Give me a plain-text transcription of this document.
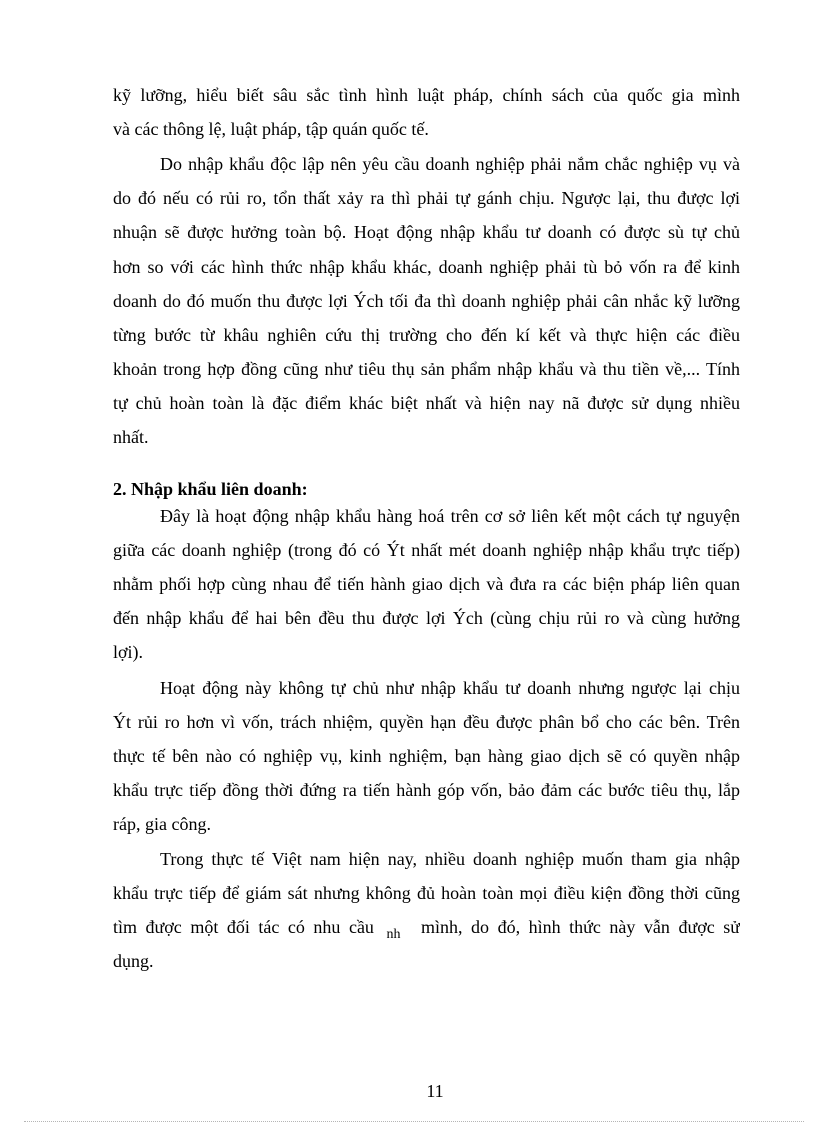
kỹ lưỡng, hiểu biết sâu sắc tình hình luật pháp, chính sách của quốc gia mình
và các thông lệ, luật pháp, tập quán quốc tế.
Do nhập khẩu độc lập nên yêu cầu doanh nghiệp phải nắm chắc nghiệp vụ và
do đó nếu có rủi ro, tổn thất xảy ra thì phải tự gánh chịu. Ngược lại, thu được lợi
nhuận sẽ được hưởng toàn bộ. Hoạt động nhập khẩu tư doanh có được sù tự chủ
hơn so với các hình thức nhập khẩu khác, doanh nghiệp phải tù bỏ vốn ra để kinh
doanh do đó muốn thu được lợi Ých tối đa thì doanh nghiệp phải cân nhắc kỹ lưỡng
từng bước từ khâu nghiên cứu thị trường cho đến kí kết và thực hiện các điều
khoản trong hợp đồng cũng như tiêu thụ sản phẩm nhập khẩu và thu tiền về,... Tính
tự chủ hoàn toàn là đặc điểm khác biệt nhất và hiện nay nã được sử dụng nhiều
nhất.
2. Nhập khẩu liên doanh:
Đây là hoạt động nhập khẩu hàng hoá trên cơ sở liên kết một cách tự nguyện
giữa các doanh nghiệp (trong đó có Ýt nhất mét doanh nghiệp nhập khẩu trực tiếp)
nhằm phối hợp cùng nhau để tiến hành giao dịch và đưa ra các biện pháp liên quan
đến nhập khẩu để hai bên đều thu được lợi Ých (cùng chịu rủi ro và cùng hưởng
lợi).
Hoạt động này không tự chủ như nhập khẩu tư doanh nhưng ngược lại chịu
Ýt rủi ro hơn vì vốn, trách nhiệm, quyền hạn đều được phân bổ cho các bên. Trên
thực tế bên nào có nghiệp vụ, kinh nghiệm, bạn hàng giao dịch sẽ có quyền nhập
khẩu trực tiếp đồng thời đứng ra tiến hành góp vốn, bảo đảm các bước tiêu thụ, lắp
ráp, gia công.
Trong thực tế Việt nam hiện nay, nhiều doanh nghiệp muốn tham gia nhập
khẩu trực tiếp để giám sát nhưng không đủ hoàn toàn mọi điều kiện đồng thời cũng
tìm được một đối tác có nhu cầu $_{nh}$ mình, do đó, hình thức này vẫn được sử
dụng.
11
